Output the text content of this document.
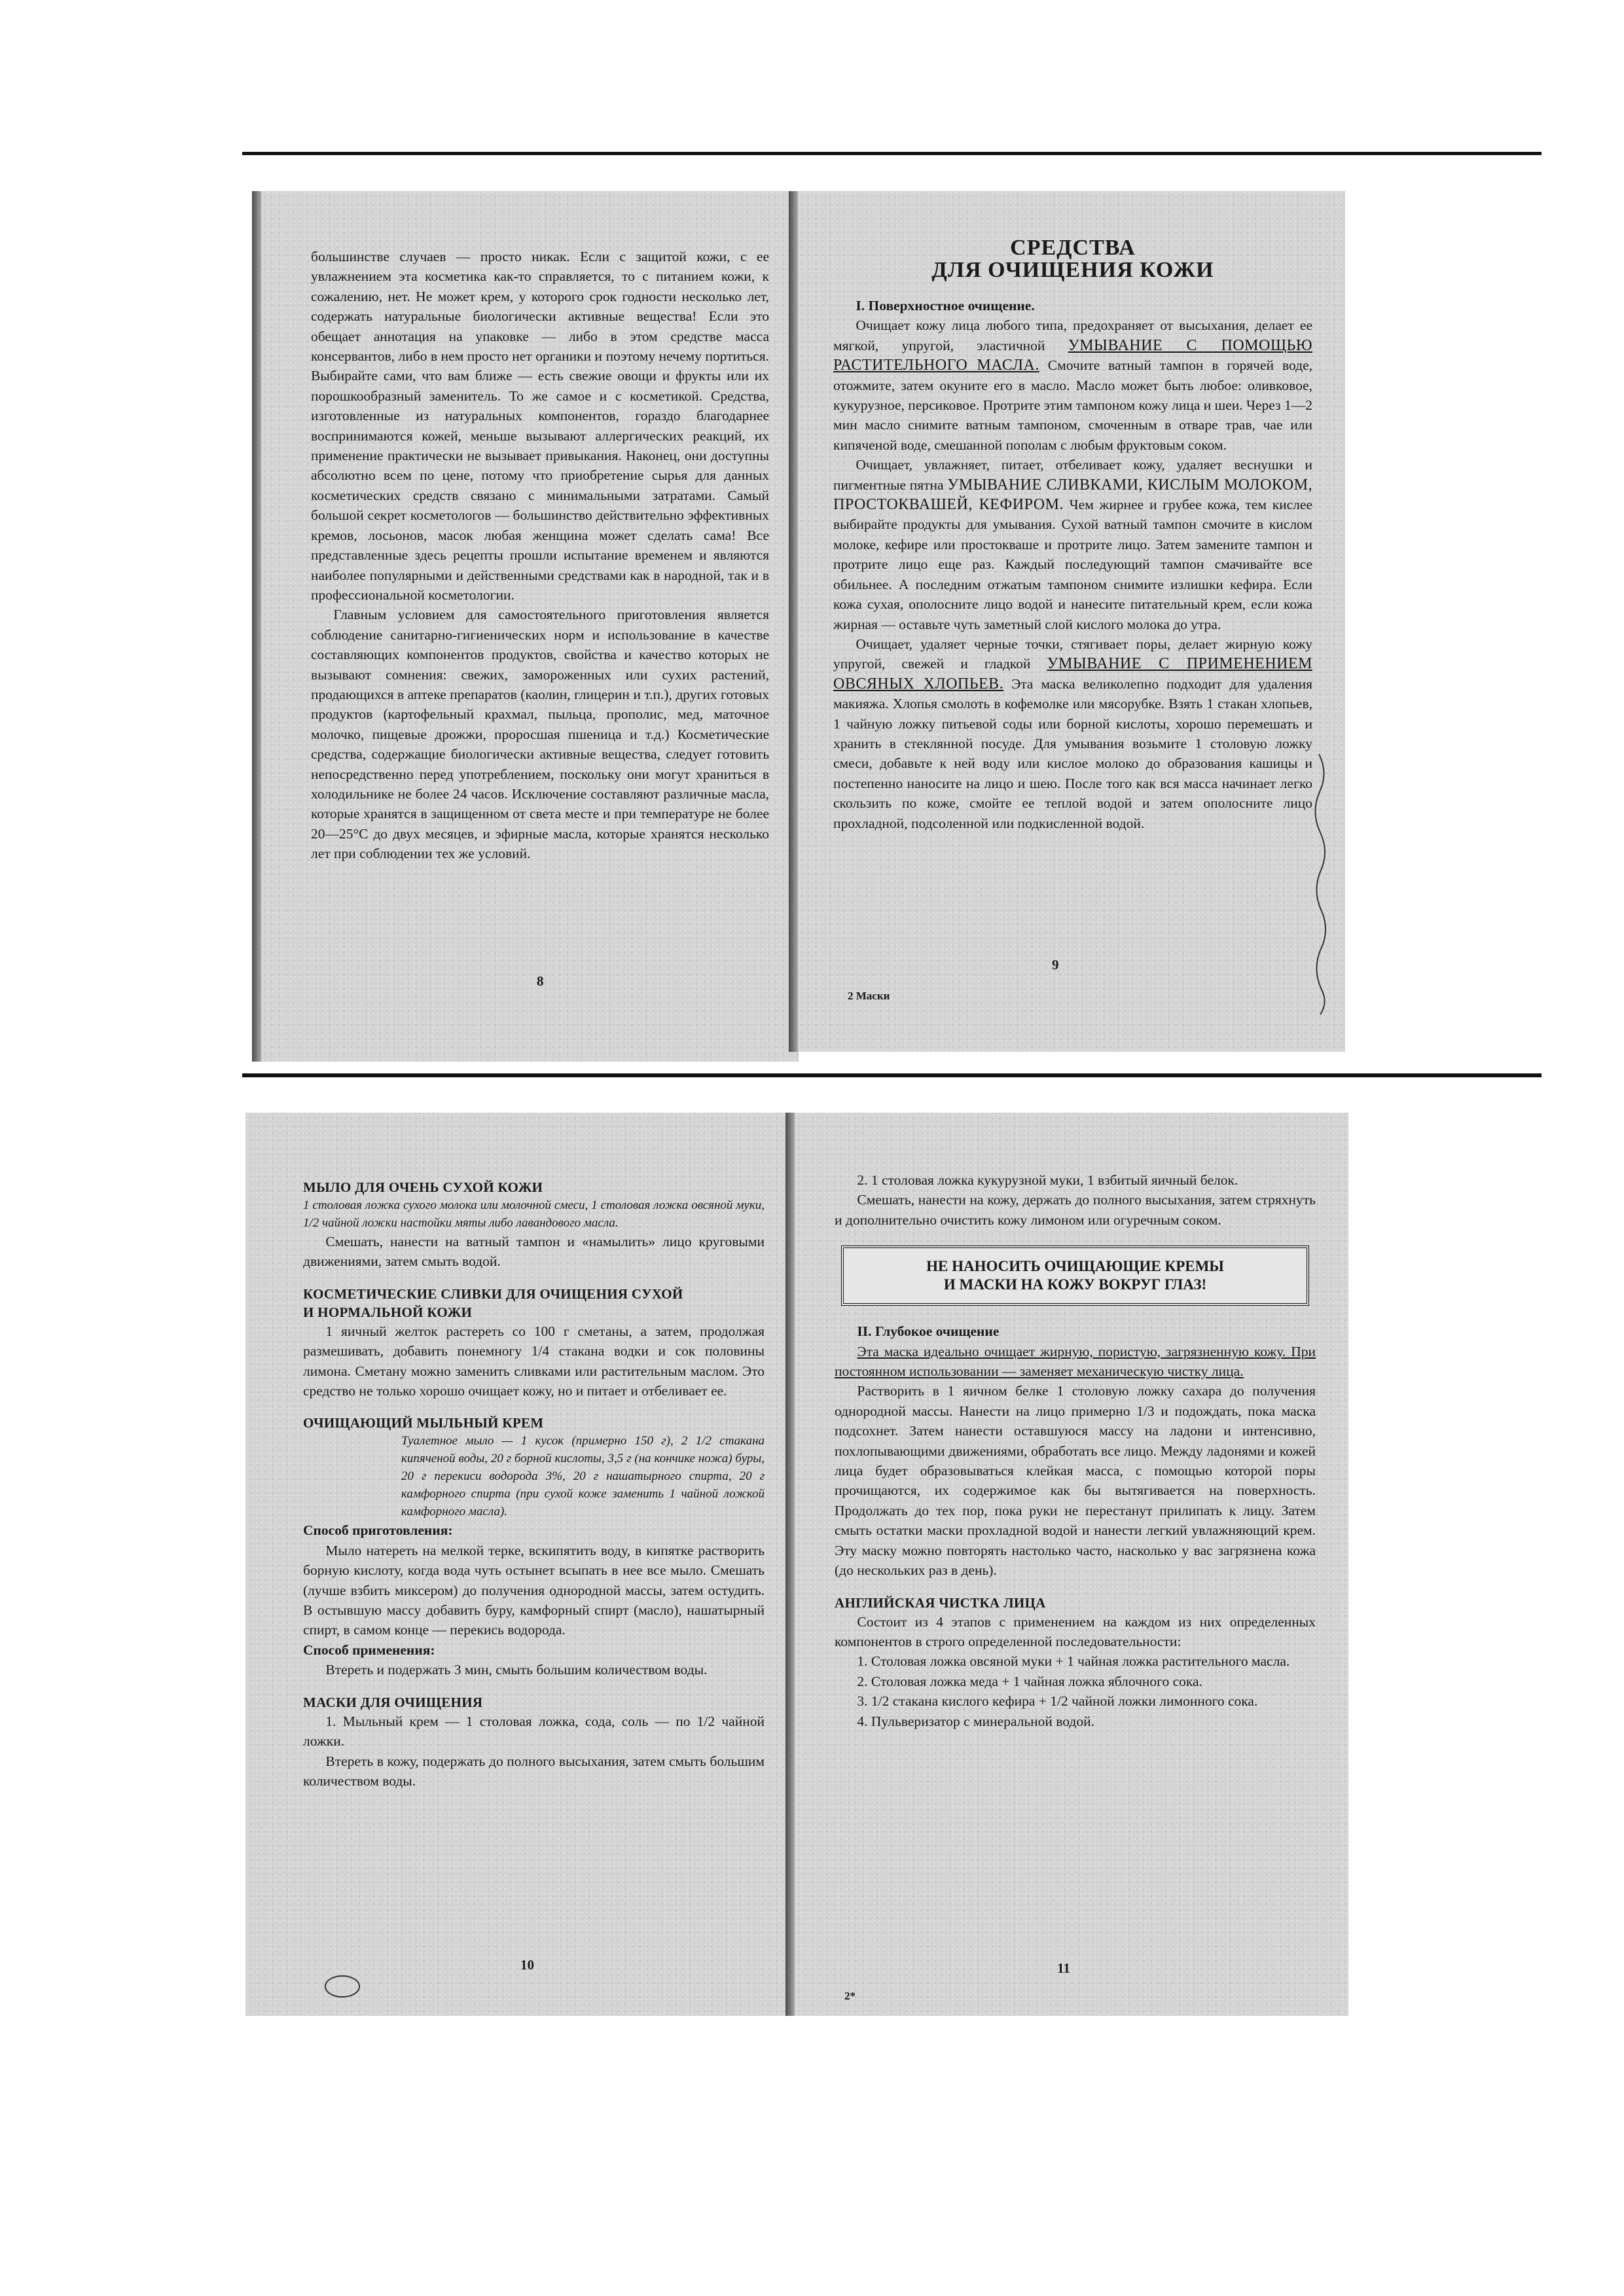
большинстве случаев — просто никак. Если с защитой кожи, с ее увлажнением эта косметика как-то справляется, то с питанием кожи, к сожалению, нет. Не может крем, у которого срок годности несколько лет, содержать натуральные биологически активные вещества! Если это обещает аннотация на упаковке — либо в этом средстве масса консервантов, либо в нем просто нет органики и поэтому нечему портиться. Выбирайте сами, что вам ближе — есть свежие овощи и фрукты или их порошкообразный заменитель. То же самое и с косметикой. Средства, изготовленные из натуральных компонентов, гораздо благодарнее воспринимаются кожей, меньше вызывают аллергических реакций, их применение практически не вызывает привыкания. Наконец, они доступны абсолютно всем по цене, потому что приобретение сырья для данных косметических средств связано с минимальными затратами. Самый большой секрет косметологов — большинство действительно эффективных кремов, лосьонов, масок любая женщина может сделать сама! Все представленные здесь рецепты прошли испытание временем и являются наиболее популярными и действенными средствами как в народной, так и в профессиональной косметологии.

Главным условием для самостоятельного приготовления является соблюдение санитарно-гигиенических норм и использование в качестве составляющих компонентов продуктов, свойства и качество которых не вызывают сомнения: свежих, замороженных или сухих растений, продающихся в аптеке препаратов (каолин, глицерин и т.п.), других готовых продуктов (картофельный крахмал, пыльца, прополис, мед, маточное молочко, пищевые дрожжи, проросшая пшеница и т.д.) Косметические средства, содержащие биологически активные вещества, следует готовить непосредственно перед употреблением, поскольку они могут храниться в холодильнике не более 24 часов. Исключение составляют различные масла, которые хранятся в защищенном от света месте и при температуре не более 20—25°С до двух месяцев, и эфирные масла, которые хранятся несколько лет при соблюдении тех же условий.

8
СРЕДСТВА
ДЛЯ ОЧИЩЕНИЯ КОЖИ

I. Поверхностное очищение.

Очищает кожу лица любого типа, предохраняет от высыхания, делает ее мягкой, упругой, эластичной УМЫВАНИЕ С ПОМОЩЬЮ РАСТИТЕЛЬНОГО МАСЛА. Смочите ватный тампон в горячей воде, отожмите, затем окуните его в масло. Масло может быть любое: оливковое, кукурузное, персиковое. Протрите этим тампоном кожу лица и шеи. Через 1—2 мин масло снимите ватным тампоном, смоченным в отваре трав, чае или кипяченой воде, смешанной пополам с любым фруктовым соком.

Очищает, увлажняет, питает, отбеливает кожу, удаляет веснушки и пигментные пятна УМЫВАНИЕ СЛИВКАМИ, КИСЛЫМ МОЛОКОМ, ПРОСТОКВАШЕЙ, КЕФИРОМ. Чем жирнее и грубее кожа, тем кислее выбирайте продукты для умывания. Сухой ватный тампон смочите в кислом молоке, кефире или простокваше и протрите лицо. Затем замените тампон и протрите лицо еще раз. Каждый последующий тампон смачивайте все обильнее. А последним отжатым тампоном снимите излишки кефира. Если кожа сухая, ополосните лицо водой и нанесите питательный крем, если кожа жирная — оставьте чуть заметный слой кислого молока до утра.

Очищает, удаляет черные точки, стягивает поры, делает жирную кожу упругой, свежей и гладкой УМЫВАНИЕ С ПРИМЕНЕНИЕМ ОВСЯНЫХ ХЛОПЬЕВ. Эта маска великолепно подходит для удаления макияжа. Хлопья смолоть в кофемолке или мясорубке. Взять 1 стакан хлопьев, 1 чайную ложку питьевой соды или борной кислоты, хорошо перемешать и хранить в стеклянной посуде. Для умывания возьмите 1 столовую ложку смеси, добавьте к ней воду или кислое молоко до образования кашицы и постепенно наносите на лицо и шею. После того как вся масса начинает легко скользить по коже, смойте ее теплой водой и затем ополосните лицо прохладной, подсоленной или подкисленной водой.

9
2 Маски
МЫЛО ДЛЯ ОЧЕНЬ СУХОЙ КОЖИ

1 столовая ложка сухого молока или молочной смеси, 1 столовая ложка овсяной муки, 1/2 чайной ложки настойки мяты либо лавандового масла.

Смешать, нанести на ватный тампон и «намылить» лицо круговыми движениями, затем смыть водой.

КОСМЕТИЧЕСКИЕ СЛИВКИ ДЛЯ ОЧИЩЕНИЯ СУХОЙ
И НОРМАЛЬНОЙ КОЖИ

1 яичный желток растереть со 100 г сметаны, а затем, продолжая размешивать, добавить понемногу 1/4 стакана водки и сок половины лимона. Сметану можно заменить сливками или растительным маслом. Это средство не только хорошо очищает кожу, но и питает и отбеливает ее.

ОЧИЩАЮЩИЙ МЫЛЬНЫЙ КРЕМ

Туалетное мыло — 1 кусок (примерно 150 г), 2 1/2 стакана кипяченой воды, 20 г борной кислоты, 3,5 г (на кончике ножа) буры, 20 г перекиси водорода 3%, 20 г нашатырного спирта, 20 г камфорного спирта (при сухой коже заменить 1 чайной ложкой камфорного масла).

Способ приготовления:

Мыло натереть на мелкой терке, вскипятить воду, в кипятке растворить борную кислоту, когда вода чуть остынет всыпать в нее все мыло. Смешать (лучше взбить миксером) до получения однородной массы, затем остудить. В остывшую массу добавить буру, камфорный спирт (масло), нашатырный спирт, в самом конце — перекись водорода.

Способ применения:

Втереть и подержать 3 мин, смыть большим количеством воды.

МАСКИ ДЛЯ ОЧИЩЕНИЯ

1. Мыльный крем — 1 столовая ложка, сода, соль — по 1/2 чайной ложки.

Втереть в кожу, подержать до полного высыхания, затем смыть большим количеством воды.

10

2. 1 столовая ложка кукурузной муки, 1 взбитый яичный белок.

Смешать, нанести на кожу, держать до полного высыхания, затем стряхнуть и дополнительно очистить кожу лимоном или огуречным соком.

НЕ НАНОСИТЬ ОЧИЩАЮЩИЕ КРЕМЫ
И МАСКИ НА КОЖУ ВОКРУГ ГЛАЗ!

II. Глубокое очищение

Эта маска идеально очищает жирную, пористую, загрязненную кожу. При постоянном использовании — заменяет механическую чистку лица.

Растворить в 1 яичном белке 1 столовую ложку сахара до получения однородной массы. Нанести на лицо примерно 1/3 и подождать, пока маска подсохнет. Затем нанести оставшуюся массу на ладони и интенсивно, похлопывающими движениями, обработать все лицо. Между ладонями и кожей лица будет образовываться клейкая масса, с помощью которой поры прочищаются, их содержимое как бы вытягивается на поверхность. Продолжать до тех пор, пока руки не перестанут прилипать к лицу. Затем смыть остатки маски прохладной водой и нанести легкий увлажняющий крем. Эту маску можно повторять настолько часто, насколько у вас загрязнена кожа (до нескольких раз в день).

АНГЛИЙСКАЯ ЧИСТКА ЛИЦА

Состоит из 4 этапов с применением на каждом из них определенных компонентов в строго определенной последовательности:

1. Столовая ложка овсяной муки + 1 чайная ложка растительного масла.

2. Столовая ложка меда + 1 чайная ложка яблочного сока.

3. 1/2 стакана кислого кефира + 1/2 чайной ложки лимонного сока.

4. Пульверизатор с минеральной водой.

11
2*
